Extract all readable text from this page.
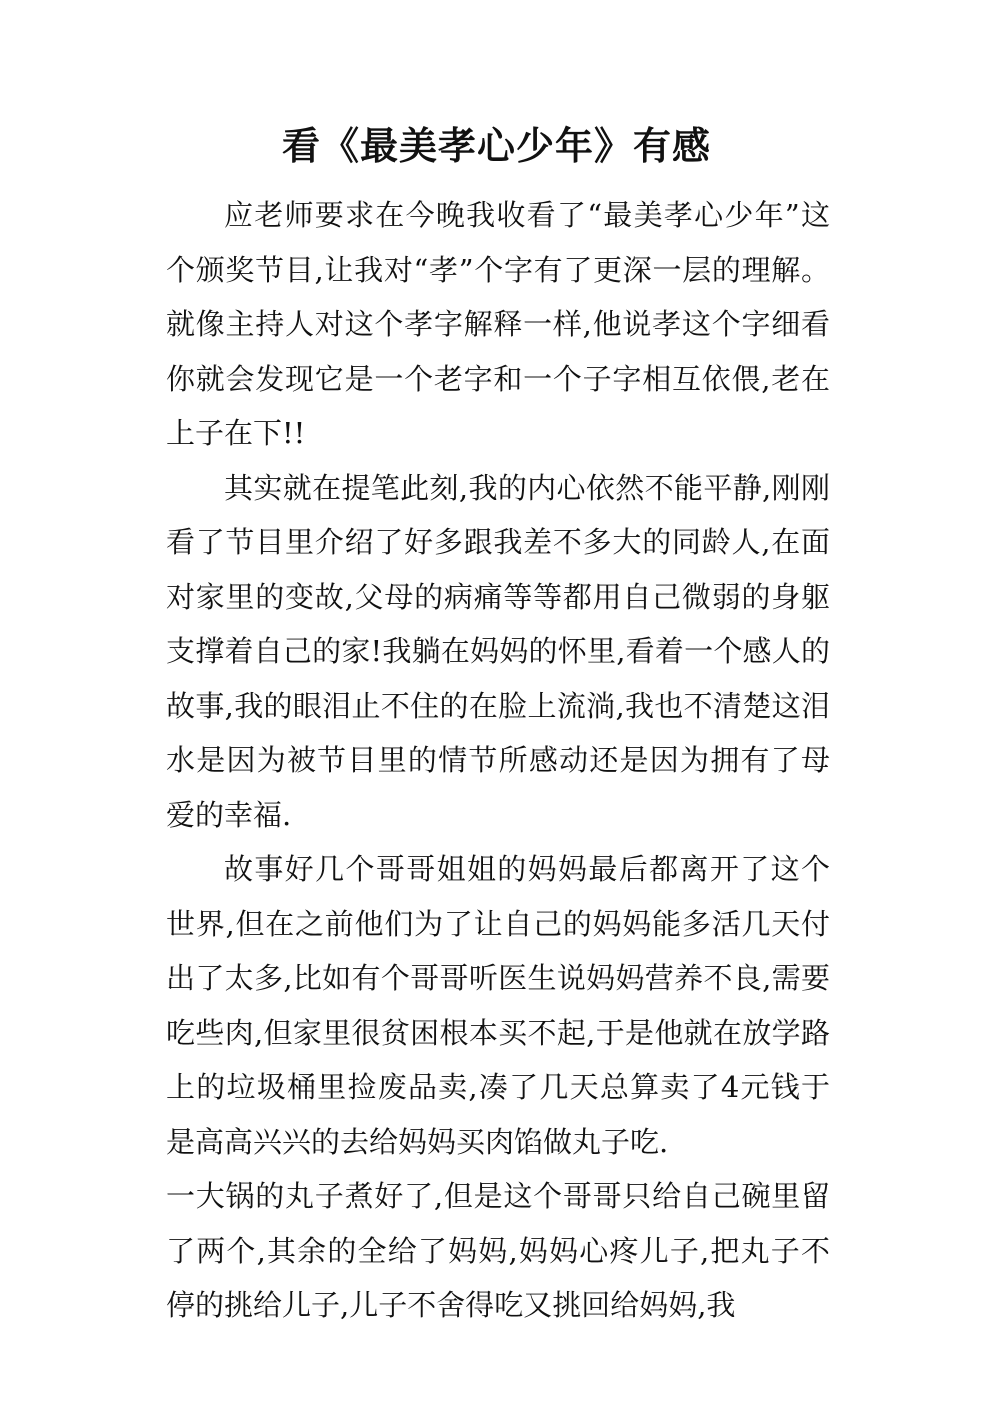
看《最美孝心少年》有感

应老师要求在今晚我收看了“最美孝心少年”这个颁奖节目,让我对“孝”个字有了更深一层的理解。就像主持人对这个孝字解释一样,他说孝这个字细看你就会发现它是一个老字和一个子字相互依偎,老在上子在下!!

其实就在提笔此刻,我的内心依然不能平静,刚刚看了节目里介绍了好多跟我差不多大的同龄人,在面对家里的变故,父母的病痛等等都用自己微弱的身躯支撑着自己的家!我躺在妈妈的怀里,看着一个感人的故事,我的眼泪止不住的在脸上流淌,我也不清楚这泪水是因为被节目里的情节所感动还是因为拥有了母爱的幸福.

故事好几个哥哥姐姐的妈妈最后都离开了这个世界,但在之前他们为了让自己的妈妈能多活几天付出了太多,比如有个哥哥听医生说妈妈营养不良,需要吃些肉,但家里很贫困根本买不起,于是他就在放学路上的垃圾桶里捡废品卖,凑了几天总算卖了4元钱于是高高兴兴的去给妈妈买肉馅做丸子吃.

一大锅的丸子煮好了,但是这个哥哥只给自己碗里留了两个,其余的全给了妈妈,妈妈心疼儿子,把丸子不停的挑给儿子,儿子不舍得吃又挑回给妈妈,我
